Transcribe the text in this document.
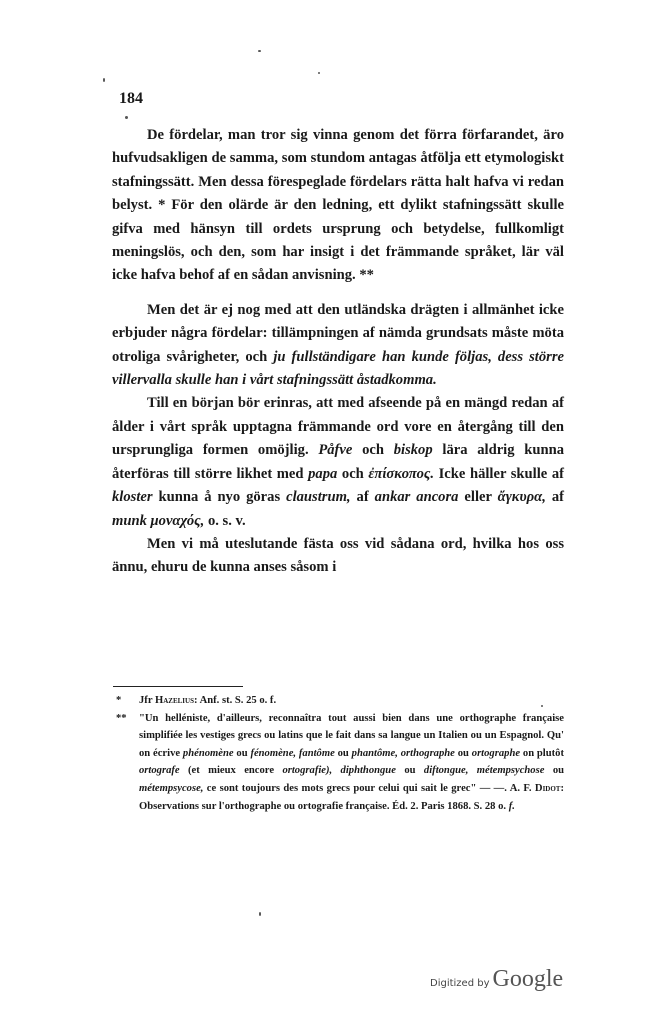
184

De fördelar, man tror sig vinna genom det förra förfarandet, äro hufvudsakligen de samma, som stundom antagas åtfölja ett etymologiskt stafningssätt. Men dessa förespeglade fördelars rätta halt hafva vi redan belyst. * För den olärde är den ledning, ett dylikt stafningssätt skulle gifva med hänsyn till ordets ursprung och betydelse, fullkomligt meningslös, och den, som har insigt i det främmande språket, lär väl icke hafva behof af en sådan anvisning. **

Men det är ej nog med att den utländska drägten i allmänhet icke erbjuder några fördelar: tillämpningen af nämda grundsats måste möta otroliga svårigheter, och ju fullständigare han kunde följas, dess större villervalla skulle han i vårt stafningssätt åstadkomma.

Till en början bör erinras, att med afseende på en mängd redan af ålder i vårt språk upptagna främmande ord vore en återgång till den ursprungliga formen omöjlig. Påfve och biskop lära aldrig kunna återföras till större likhet med papa och ἐπίσκοπος. Icke häller skulle af kloster kunna å nyo göras claustrum, af ankar ancora eller ἄγκυρα, af munk μοναχός, o. s. v.

Men vi må uteslutande fästa oss vid sådana ord, hvilka hos oss ännu, ehuru de kunna anses såsom i

* Jfr Hazelius: Anf. st. S. 25 o. f.

** "Un helléniste, d'ailleurs, reconnaîtra tout aussi bien dans une orthographe française simplifiée les vestiges grecs ou latins que le fait dans sa langue un Italien ou un Espagnol. Qu' on écrive phénomène ou fénomène, fantôme ou phantôme, orthographe ou ortographe on plutôt ortografe (et mieux encore ortografie), diphthongue ou diftongue, métempsychose ou métempsycose, ce sont toujours des mots grecs pour celui qui sait le grec" — —. A. F. Didot: Observations sur l'orthographe ou ortografie française. Éd. 2. Paris 1868. S. 28 o. f.

Digitized by Google
